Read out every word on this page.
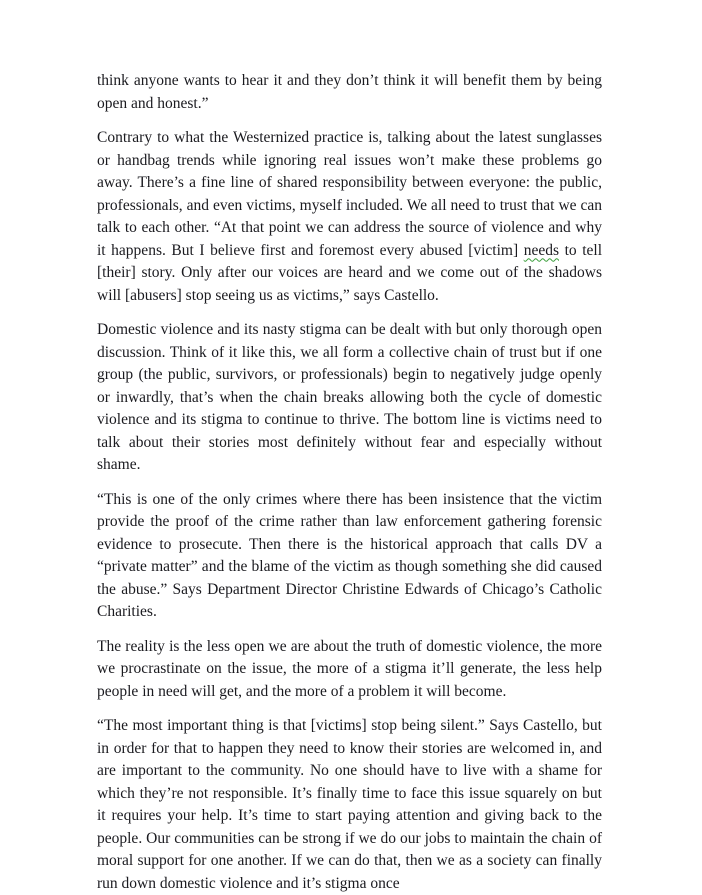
think anyone wants to hear it and they don’t think it will benefit them by being open and honest.”

Contrary to what the Westernized practice is, talking about the latest sunglasses or handbag trends while ignoring real issues won’t make these problems go away. There’s a fine line of shared responsibility between everyone: the public, professionals, and even victims, myself included. We all need to trust that we can talk to each other. “At that point we can address the source of violence and why it happens. But I believe first and foremost every abused [victim] needs to tell [their] story. Only after our voices are heard and we come out of the shadows will [abusers] stop seeing us as victims,” says Castello.

Domestic violence and its nasty stigma can be dealt with but only thorough open discussion. Think of it like this, we all form a collective chain of trust but if one group (the public, survivors, or professionals) begin to negatively judge openly or inwardly, that’s when the chain breaks allowing both the cycle of domestic violence and its stigma to continue to thrive. The bottom line is victims need to talk about their stories most definitely without fear and especially without shame.

“This is one of the only crimes where there has been insistence that the victim provide the proof of the crime rather than law enforcement gathering forensic evidence to prosecute. Then there is the historical approach that calls DV a “private matter” and the blame of the victim as though something she did caused the abuse.” Says Department Director Christine Edwards of Chicago’s Catholic Charities.

The reality is the less open we are about the truth of domestic violence, the more we procrastinate on the issue, the more of a stigma it’ll generate, the less help people in need will get, and the more of a problem it will become.

“The most important thing is that [victims] stop being silent.” Says Castello, but in order for that to happen they need to know their stories are welcomed in, and are important to the community. No one should have to live with a shame for which they’re not responsible. It’s finally time to face this issue squarely on but it requires your help. It’s time to start paying attention and giving back to the people. Our communities can be strong if we do our jobs to maintain the chain of moral support for one another. If we can do that, then we as a society can finally run down domestic violence and it’s stigma once
